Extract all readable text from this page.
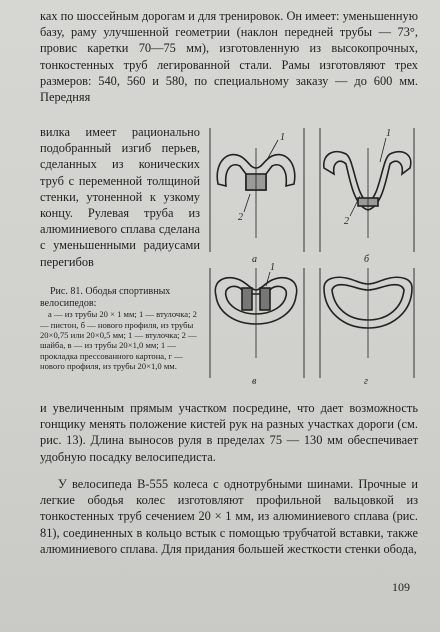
ках по шоссейным дорогам и для тренировок. Он имеет: уменьшенную базу, раму улучшенной геометрии (наклон передней трубы — 73°, провис каретки 70—75 мм), изготовленную из высокопрочных, тонкостенных труб легированной стали. Рамы изготовляют трех размеров: 540, 560 и 580, по специальному заказу — до 600 мм. Передняя

вилка имеет рационально подобранный изгиб перьев, сделанных из конических труб с переменной толщиной стенки, утоненной к узкому концу. Рулевая труба из алюминиевого сплава сделана с уменьшенными радиусами перегибов

Рис. 81. Ободья спортивных велосипедов:
а — из трубы 20 × 1 мм; 1 — втулочка; 2 — пистон, б — нового профиля, из трубы 20×0,75 или 20×0,5 мм; 1 — втулочка; 2 — шайба, в — из трубы 20×1,0 мм; 1 — прокладка прессованного картона, г — нового профиля, из трубы 20×1,0 мм.
1
2
а
1
2
б
1
в	г

и увеличенным прямым участком посредине, что дает возможность гонщику менять положение кистей рук на разных участках дороги (см. рис. 13). Длина выносов руля в пределах 75 — 130 мм обеспечивает удобную посадку велосипедиста.

У велосипеда В-555 колеса с однотрубными шинами. Прочные и легкие ободья колес изготовляют профильной вальцовкой из тонкостенных труб сечением 20 × 1 мм, из алюминиевого сплава (рис. 81), соединенных в кольцо встык с помощью трубчатой вставки, также алюминиевого сплава. Для придания большей жесткости стенки обода,

109
